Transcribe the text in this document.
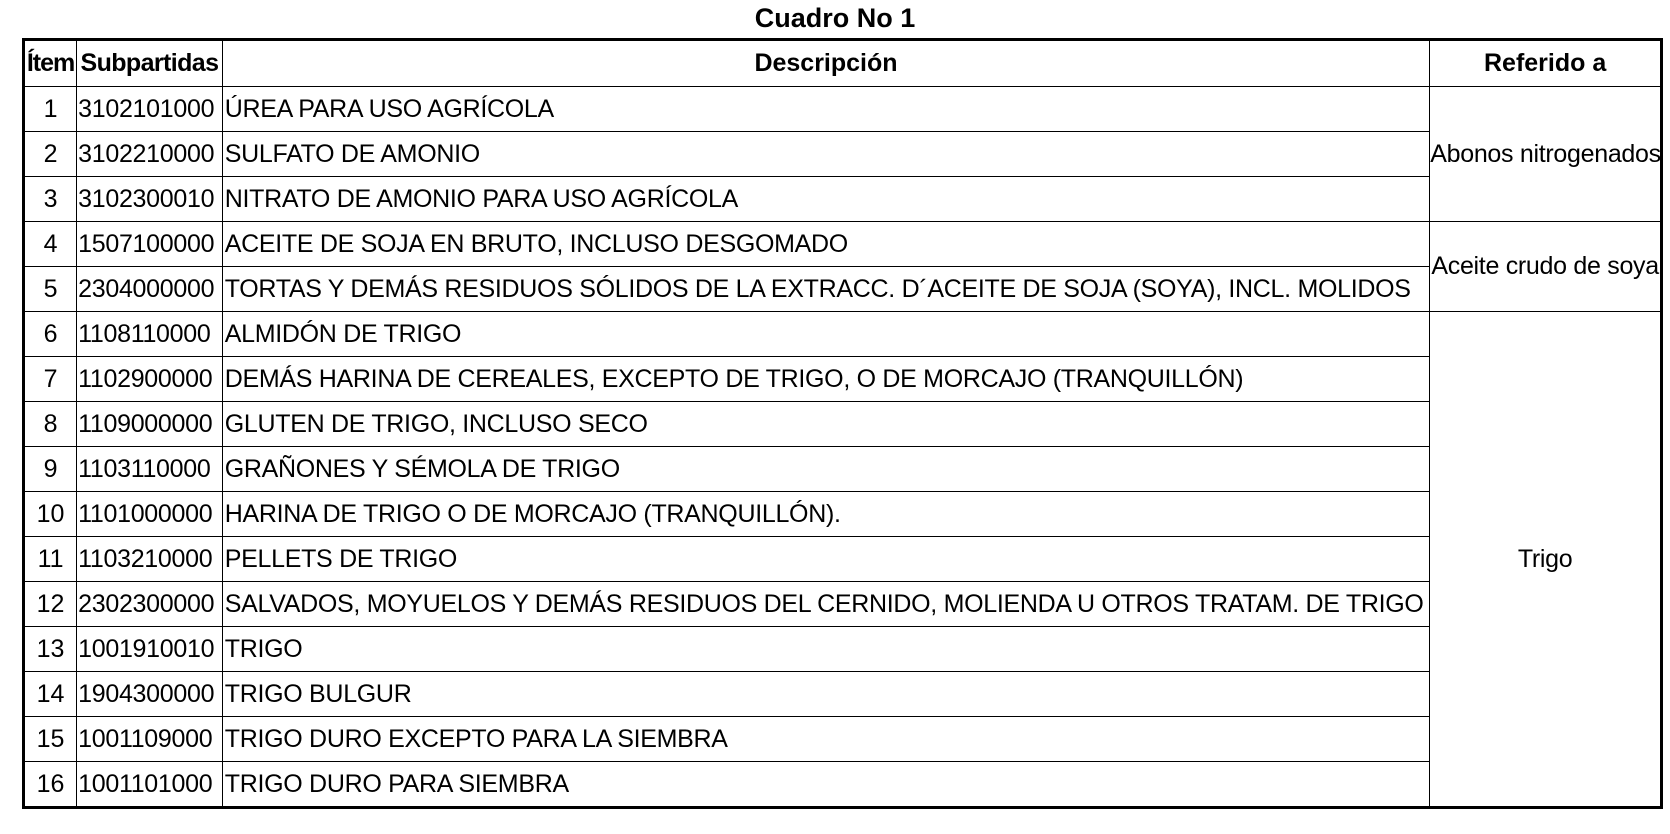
Cuadro No 1
Ítem	Subpartidas	Descripción	Referido a
1	3102101000	ÚREA PARA USO AGRÍCOLA	Abonos nitrogenados
2	3102210000	SULFATO DE AMONIO	
3	3102300010	NITRATO DE AMONIO PARA USO AGRÍCOLA	
4	1507100000	ACEITE DE SOJA EN BRUTO, INCLUSO DESGOMADO	Aceite crudo de soya
5	2304000000	TORTAS Y DEMÁS RESIDUOS SÓLIDOS DE LA EXTRACC. D´ACEITE DE SOJA (SOYA), INCL. MOLIDOS	
6	1108110000	ALMIDÓN DE TRIGO	Trigo
7	1102900000	DEMÁS HARINA DE CEREALES, EXCEPTO DE TRIGO, O DE MORCAJO (TRANQUILLÓN)	
8	1109000000	GLUTEN DE TRIGO, INCLUSO SECO	
9	1103110000	GRAÑONES Y SÉMOLA DE TRIGO	
10	1101000000	HARINA DE TRIGO O DE MORCAJO (TRANQUILLÓN).	
11	1103210000	PELLETS DE TRIGO	
12	2302300000	SALVADOS, MOYUELOS Y DEMÁS RESIDUOS DEL CERNIDO, MOLIENDA U OTROS TRATAM. DE TRIGO	
13	1001910010	TRIGO	
14	1904300000	TRIGO BULGUR	
15	1001109000	TRIGO DURO EXCEPTO PARA LA SIEMBRA	
16	1001101000	TRIGO DURO PARA SIEMBRA	
